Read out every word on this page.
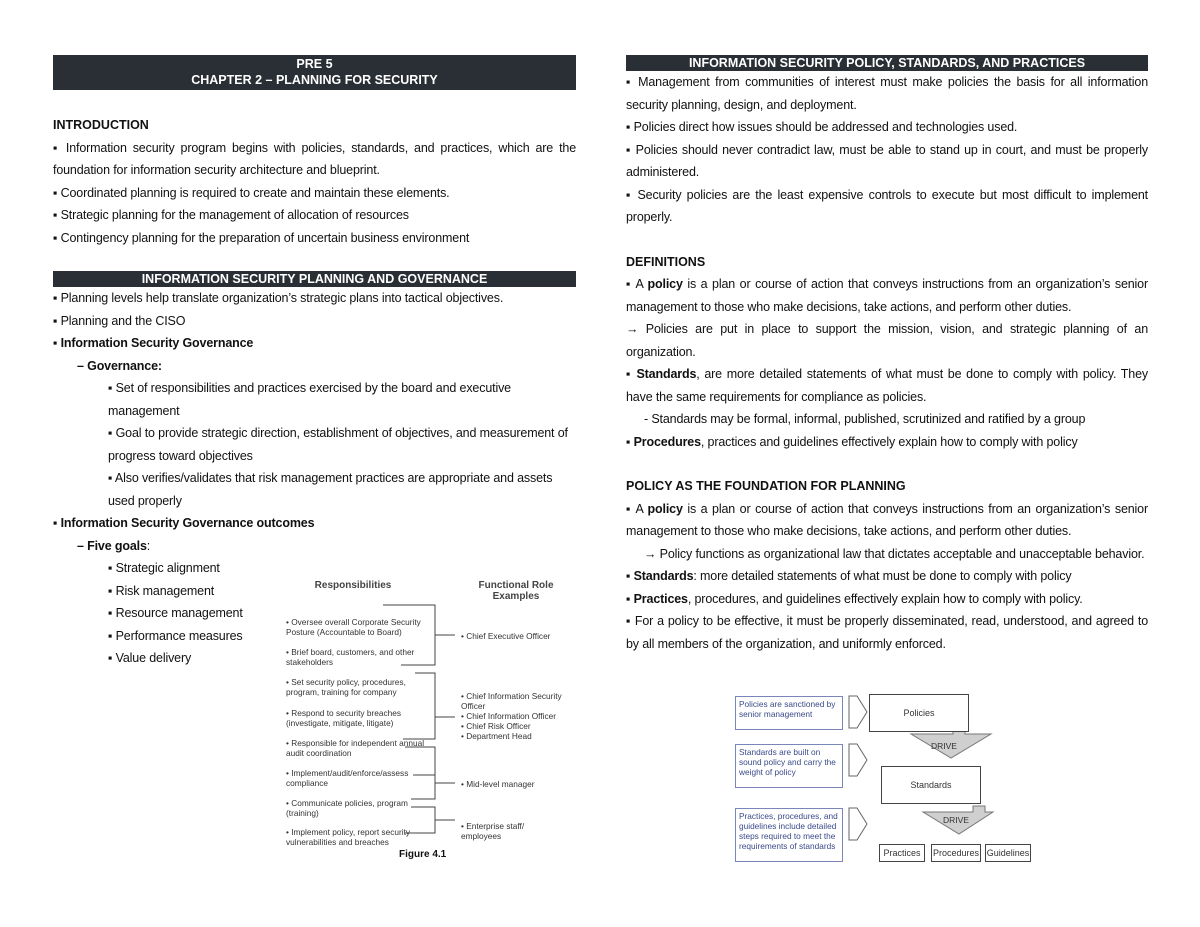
PRE 5
CHAPTER 2 – PLANNING FOR SECURITY
INTRODUCTION

▪ Information security program begins with policies, standards, and practices, which are the foundation for information security architecture and blueprint.

▪ Coordinated planning is required to create and maintain these elements.

▪ Strategic planning for the management of allocation of resources

▪ Contingency planning for the preparation of uncertain business environment

INFORMATION SECURITY PLANNING AND GOVERNANCE

▪ Planning levels help translate organization’s strategic plans into tactical objectives.

▪ Planning and the CISO

▪ Information Security Governance

– Governance:

▪ Set of responsibilities and practices exercised by the board and executive management

▪ Goal to provide strategic direction, establishment of objectives, and measurement of progress toward objectives

▪ Also verifies/validates that risk management practices are appropriate and assets used properly

▪ Information Security Governance outcomes

– Five goals:

▪ Strategic alignment

▪ Risk management

▪ Resource management

▪ Performance measures

▪ Value delivery

Responsibilities	Functional Role Examples
• Oversee overall Corporate Security Posture (Accountable to Board)
• Brief board, customers, and other stakeholders
• Set security policy, procedures, program, training for company
• Respond to security breaches (investigate, mitigate, litigate)
• Responsible for independent annual audit coordination
• Implement/audit/enforce/assess compliance
• Communicate policies, program (training)
• Implement policy, report security vulnerabilities and breaches
• Chief Executive Officer
• Chief Information Security Officer
• Chief Information Officer
• Chief Risk Officer
• Department Head
• Mid-level manager
• Enterprise staff/ employees
Figure 4.1
INFORMATION SECURITY POLICY, STANDARDS, AND PRACTICES

▪ Management from communities of interest must make policies the basis for all information security planning, design, and deployment.

▪ Policies direct how issues should be addressed and technologies used.

▪ Policies should never contradict law, must be able to stand up in court, and must be properly administered.

▪ Security policies are the least expensive controls to execute but most difficult to implement properly.

DEFINITIONS

▪ A policy is a plan or course of action that conveys instructions from an organization’s senior management to those who make decisions, take actions, and perform other duties.

→ Policies are put in place to support the mission, vision, and strategic planning of an organization.

▪ Standards, are more detailed statements of what must be done to comply with policy. They have the same requirements for compliance as policies.

- Standards may be formal, informal, published, scrutinized and ratified by a group

▪ Procedures, practices and guidelines effectively explain how to comply with policy

POLICY AS THE FOUNDATION FOR PLANNING

▪ A policy is a plan or course of action that conveys instructions from an organization’s senior management to those who make decisions, take actions, and perform other duties.

→ Policy functions as organizational law that dictates acceptable and unacceptable behavior.

▪ Standards: more detailed statements of what must be done to comply with policy

▪ Practices, procedures, and guidelines effectively explain how to comply with policy.

▪ For a policy to be effective, it must be properly disseminated, read, understood, and agreed to by all members of the organization, and uniformly enforced.

Policies are sanctioned by senior management
Standards are built on sound policy and carry the weight of policy
Practices, procedures, and guidelines include detailed steps required to meet the requirements of standards
Policies
Standards
DRIVE
DRIVE
Practices	Procedures Guidelines
